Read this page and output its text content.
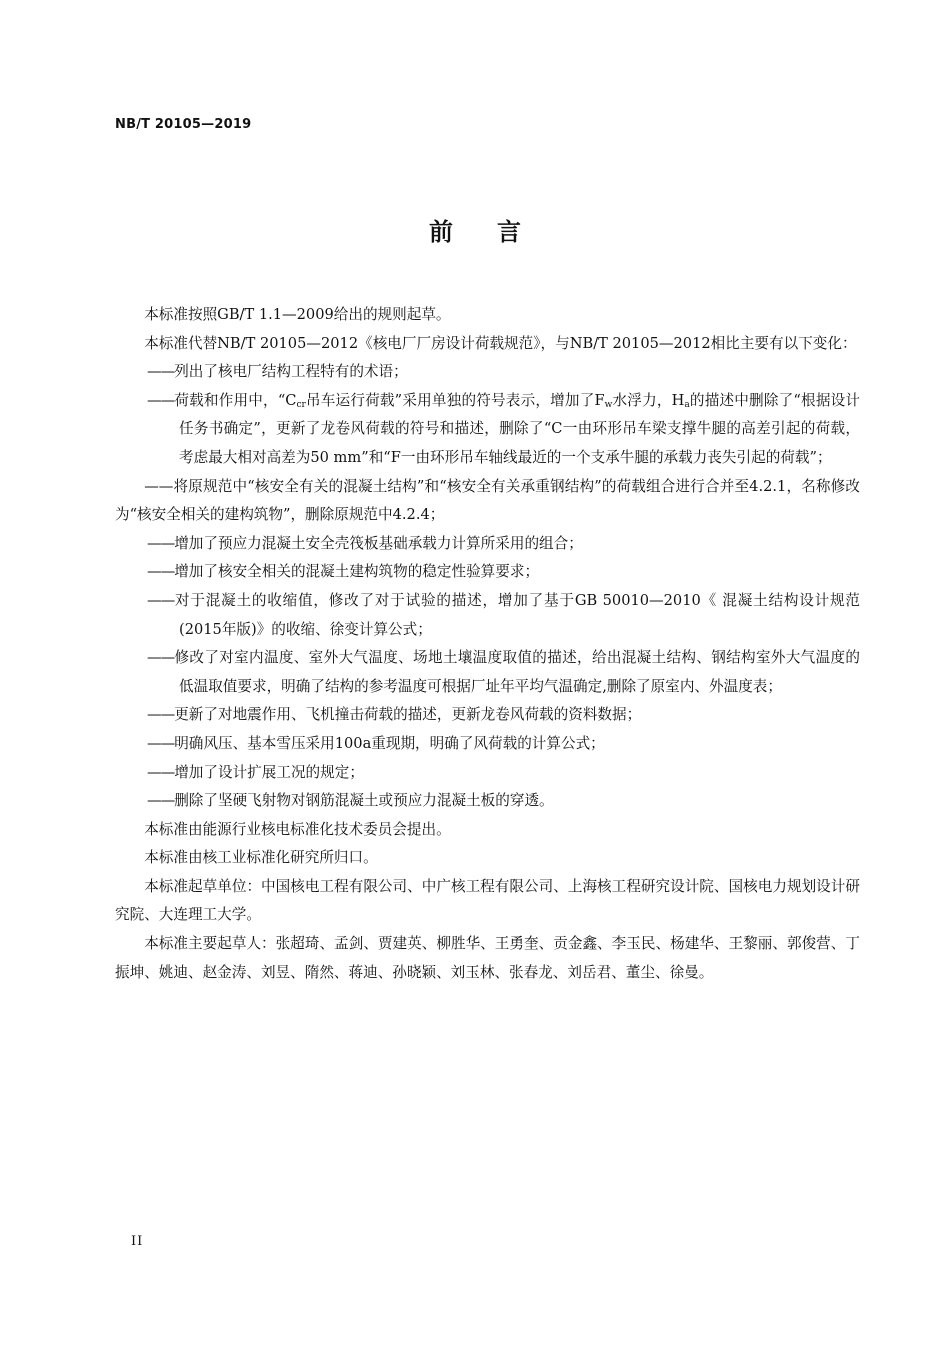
NB/T 20105—2019
前言

本标准按照GB/T 1.1—2009给出的规则起草。

本标准代替NB/T 20105—2012《核电厂厂房设计荷载规范》，与NB/T 20105—2012相比主要有以下变化：

——列出了核电厂结构工程特有的术语；

——荷载和作用中，“$C_{cr}$吊车运行荷载”采用单独的符号表示，增加了$F_w$水浮力，$H_a$的描述中删除了“根据设计任务书确定”，更新了龙卷风荷载的符号和描述，删除了“C一由环形吊车梁支撑牛腿的高差引起的荷载，考虑最大相对高差为50 mm”和“F一由环形吊车轴线最近的一个支承牛腿的承载力丧失引起的荷载”；

——将原规范中“核安全有关的混凝土结构”和“核安全有关承重钢结构”的荷载组合进行合并至4.2.1，名称修改为“核安全相关的建构筑物”，删除原规范中4.2.4；

——增加了预应力混凝土安全壳筏板基础承载力计算所采用的组合；

——增加了核安全相关的混凝土建构筑物的稳定性验算要求；

——对于混凝土的收缩值，修改了对于试验的描述，增加了基于GB 50010—2010《 混凝土结构设计规范(2015年版)》的收缩、徐变计算公式；

——修改了对室内温度、室外大气温度、场地土壤温度取值的描述，给出混凝土结构、钢结构室外大气温度的低温取值要求，明确了结构的参考温度可根据厂址年平均气温确定,删除了原室内、外温度表；

——更新了对地震作用、飞机撞击荷载的描述，更新龙卷风荷载的资料数据；

——明确风压、基本雪压采用100a重现期，明确了风荷载的计算公式；

——增加了设计扩展工况的规定；

——删除了坚硬飞射物对钢筋混凝土或预应力混凝土板的穿透。

本标准由能源行业核电标准化技术委员会提出。

本标准由核工业标准化研究所归口。

本标准起草单位：中国核电工程有限公司、中广核工程有限公司、上海核工程研究设计院、国核电力规划设计研究院、大连理工大学。

本标准主要起草人：张超琦、孟剑、贾建英、柳胜华、王勇奎、贡金鑫、李玉民、杨建华、王黎丽、郭俊营、丁振坤、姚迪、赵金涛、刘昱、隋然、蒋迪、孙晓颖、刘玉林、张春龙、刘岳君、董尘、徐曼。

II
